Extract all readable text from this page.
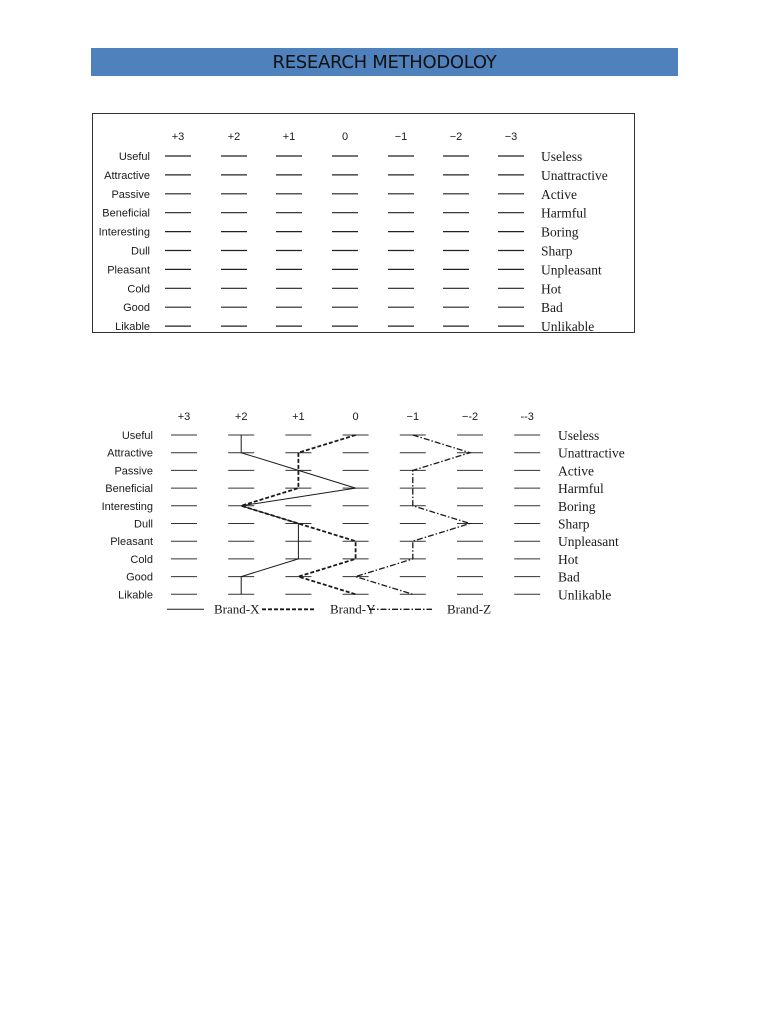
RESEARCH METHODOLOY
+3	+2	+1	0	−1	−2	−3
Useful	Useless
Attractive	Unattractive
Passive	Active
Beneficial	Harmful
Interesting	Boring
Dull	Sharp
Pleasant	Unpleasant
Cold	Hot
Good	Bad
Likable	Unlikable
+3	+2	+1	0	−1	−-2	--3
Useful	Useless
Attractive	Unattractive
Passive	Active
Beneficial	Harmful
Interesting	Boring
Dull	Sharp
Pleasant	Unpleasant
Cold	Hot
Good	Bad
Likable	Unlikable
Brand-X	Brand-Y	Brand-Z
